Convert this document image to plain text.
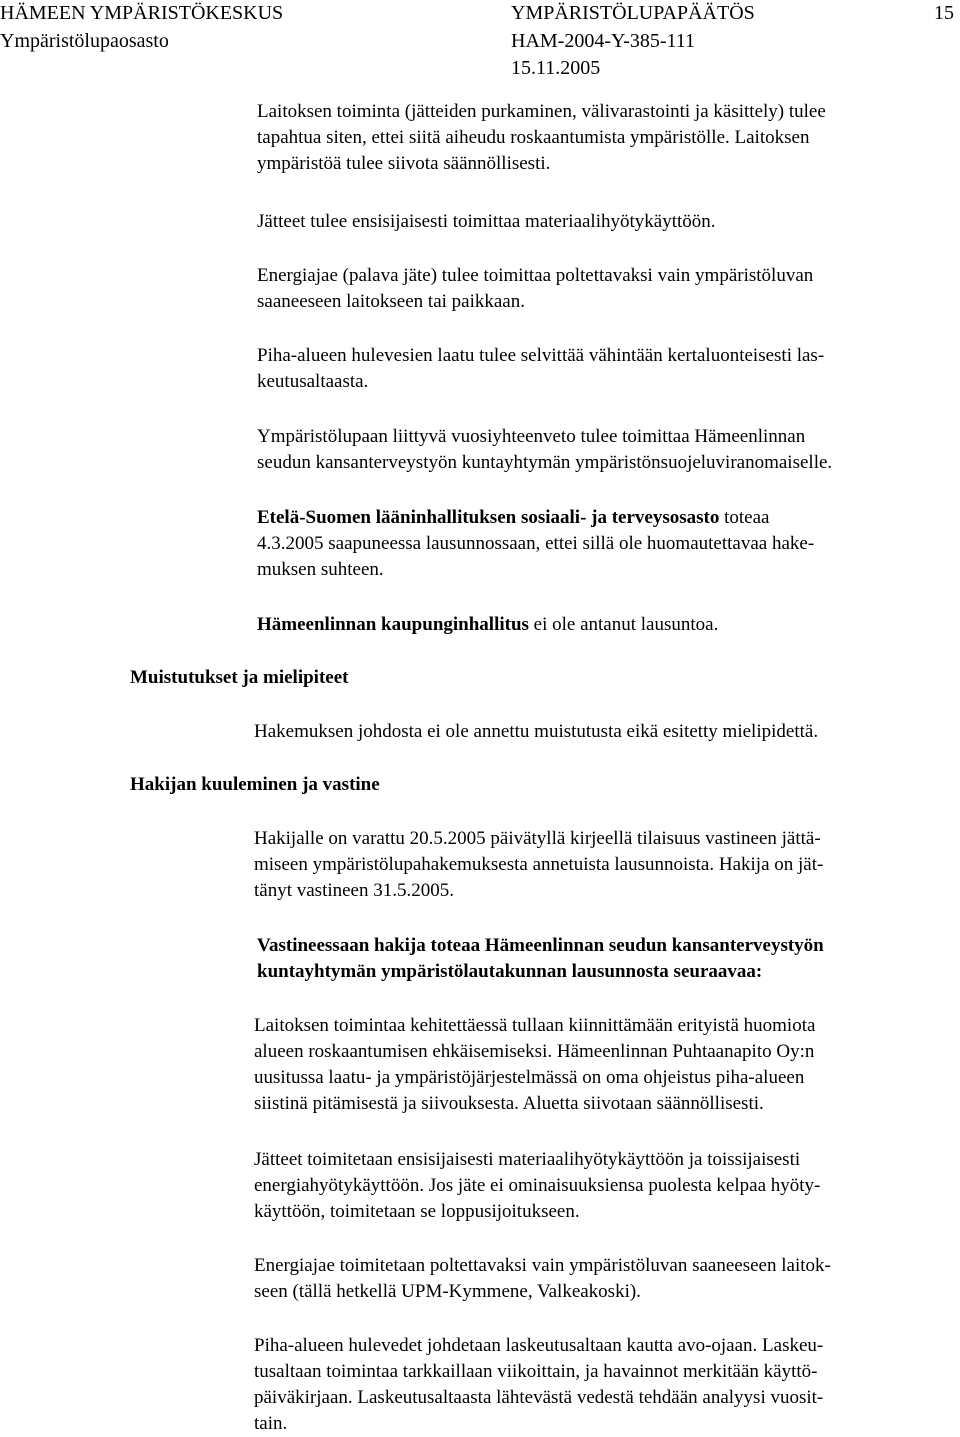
HÄMEEN YMPÄRISTÖKESKUS
Ympäristölupaosasto
YMPÄRISTÖLUPAPÄÄTÖS
HAM-2004-Y-385-111
15.11.2005
15

Laitoksen toiminta (jätteiden purkaminen, välivarastointi ja käsittely) tulee
tapahtua siten, ettei siitä aiheudu roskaantumista ympäristölle. Laitoksen
ympäristöä tulee siivota säännöllisesti.

Jätteet tulee ensisijaisesti toimittaa materiaalihyötykäyttöön.

Energiajae (palava jäte) tulee toimittaa poltettavaksi vain ympäristöluvan
saaneeseen laitokseen tai paikkaan.

Piha-alueen hulevesien laatu tulee selvittää vähintään kertaluonteisesti las-
keutusaltaasta.

Ympäristölupaan liittyvä vuosiyhteenveto tulee toimittaa Hämeenlinnan
seudun kansanterveystyön kuntayhtymän ympäristönsuojeluviranomaiselle.

Etelä-Suomen lääninhallituksen sosiaali- ja terveysosasto toteaa
4.3.2005 saapuneessa lausunnossaan, ettei sillä ole huomautettavaa hake-
muksen suhteen.

Hämeenlinnan kaupunginhallitus ei ole antanut lausuntoa.

Muistutukset ja mielipiteet

Hakemuksen johdosta ei ole annettu muistutusta eikä esitetty mielipidettä.

Hakijan kuuleminen ja vastine

Hakijalle on varattu 20.5.2005 päivätyllä kirjeellä tilaisuus vastineen jättä-
miseen ympäristölupahakemuksesta annetuista lausunnoista. Hakija on jät-
tänyt vastineen 31.5.2005.

Vastineessaan hakija toteaa Hämeenlinnan seudun kansanterveystyön
kuntayhtymän ympäristölautakunnan lausunnosta seuraavaa:

Laitoksen toimintaa kehitettäessä tullaan kiinnittämään erityistä huomiota
alueen roskaantumisen ehkäisemiseksi. Hämeenlinnan Puhtaanapito Oy:n
uusitussa laatu- ja ympäristöjärjestelmässä on oma ohjeistus piha-alueen
siistinä pitämisestä ja siivouksesta. Aluetta siivotaan säännöllisesti.

Jätteet toimitetaan ensisijaisesti materiaalihyötykäyttöön ja toissijaisesti
energiahyötykäyttöön. Jos jäte ei ominaisuuksiensa puolesta kelpaa hyöty-
käyttöön, toimitetaan se loppusijoitukseen.

Energiajae toimitetaan poltettavaksi vain ympäristöluvan saaneeseen laitok-
seen (tällä hetkellä UPM-Kymmene, Valkeakoski).

Piha-alueen hulevedet johdetaan laskeutusaltaan kautta avo-ojaan. Laskeu-
tusaltaan toimintaa tarkkaillaan viikoittain, ja havainnot merkitään käyttö-
päiväkirjaan. Laskeutusaltaasta lähtevästä vedestä tehdään analyysi vuosit-
tain.
